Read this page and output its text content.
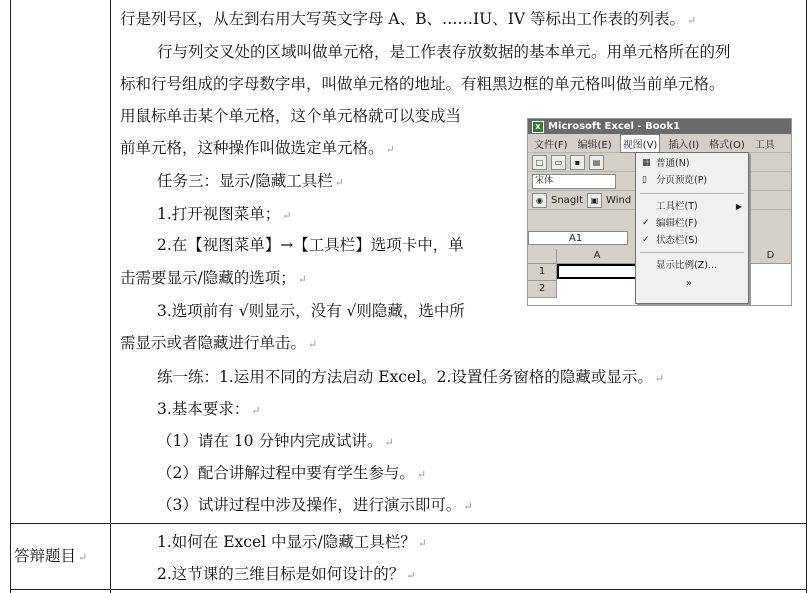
行是列号区，从左到右用大写英文字母 A、B、……IU、IV 等标出工作表的列表。 ↵
行与列交叉处的区域叫做单元格，是工作表存放数据的基本单元。用单元格所在的列
标和行号组成的字母数字串，叫做单元格的地址。有粗黑边框的单元格叫做当前单元格。
用鼠标单击某个单元格，这个单元格就可以变成当
前单元格，这种操作叫做选定单元格。 ↵
任务三：显示/隐藏工具栏 ↵
1.打开视图菜单； ↵
2.在【视图菜单】→【工具栏】选项卡中，单
击需要显示/隐藏的选项； ↵
3.选项前有 √则显示，没有 √则隐藏，选中所
需显示或者隐藏进行单击。 ↵
练一练：1.运用不同的方法启动 Excel。2.设置任务窗格的隐藏或显示。 ↵
3.基本要求： ↵
（1）请在 10 分钟内完成试讲。 ↵
（2）配合讲解过程中要有学生参与。 ↵
（3）试讲过程中涉及操作，进行演示即可。 ↵
答辩题目 ↵
1.如何在 Excel 中显示/隐藏工具栏？ ↵
2.这节课的三维目标是如何设计的？ ↵
X Microsoft Excel - Book1
文件(F) 编辑(E)	视图(V)	插入(I) 格式(O) 工具
□	▭	▪	▤
宋体
◉ SnagIt ▣ Wind
A1
A	D
1
2
▦ 普通(N)
▯ 分页预览(P)
工具栏(T)	▶
✓ 编辑栏(F)
✓ 状态栏(S)
显示比例(Z)...
»
